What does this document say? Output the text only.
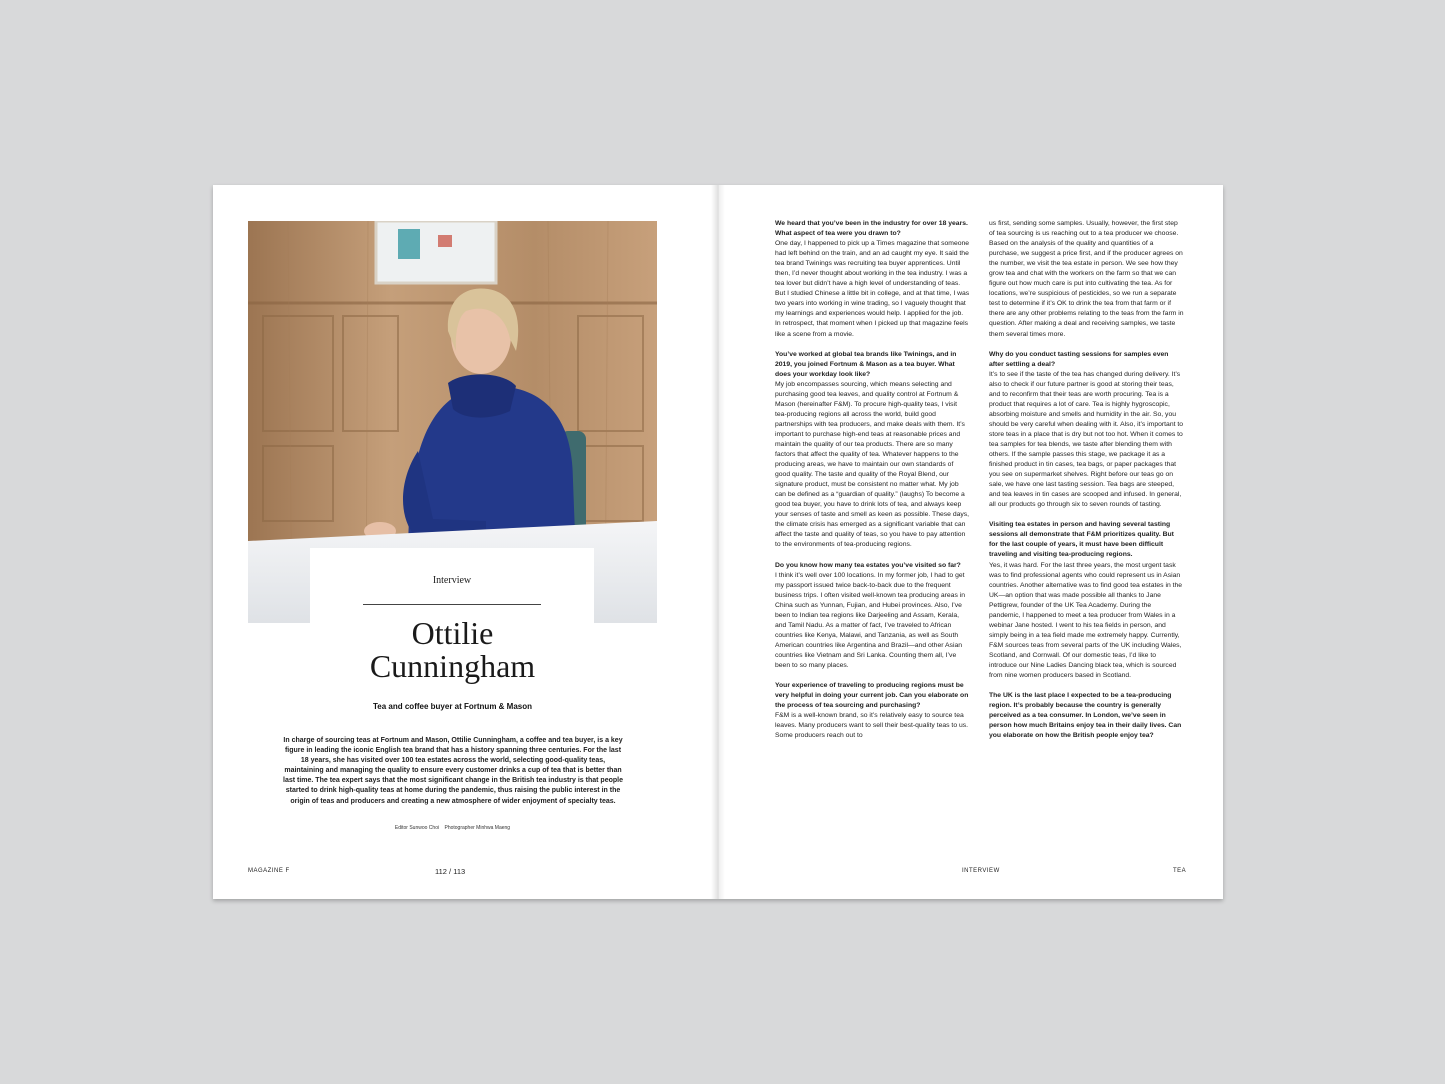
Interview
Ottilie
Cunningham
Tea and coffee buyer at Fortnum & Mason
In charge of sourcing teas at Fortnum and Mason, Ottilie Cunningham, a coffee and tea buyer, is a key figure in leading the iconic English tea brand that has a history spanning three centuries. For the last 18 years, she has visited over 100 tea estates across the world, selecting good-quality teas, maintaining and managing the quality to ensure every customer drinks a cup of tea that is better than last time. The tea expert says that the most significant change in the British tea industry is that people started to drink high-quality teas at home during the pandemic, thus raising the public interest in the origin of teas and producers and creating a new atmosphere of wider enjoyment of specialty teas.
Editor Sunwoo Choi Photographer Minhwa Maeng
MAGAZINE F	112 / 113

We heard that you’ve been in the industry for over 18 years. What aspect of tea were you drawn to?

One day, I happened to pick up a Times magazine that someone had left behind on the train, and an ad caught my eye. It said the tea brand Twinings was recruiting tea buyer apprentices. Until then, I’d never thought about working in the tea industry. I was a tea lover but didn’t have a high level of understanding of teas. But I studied Chinese a little bit in college, and at that time, I was two years into working in wine trading, so I vaguely thought that my learnings and experiences would help. I applied for the job. In retrospect, that moment when I picked up that magazine feels like a scene from a movie.

You’ve worked at global tea brands like Twinings, and in 2019, you joined Fortnum & Mason as a tea buyer. What does your workday look like?

My job encompasses sourcing, which means selecting and purchasing good tea leaves, and quality control at Fortnum & Mason (hereinafter F&M). To procure high-quality teas, I visit tea-producing regions all across the world, build good partnerships with tea producers, and make deals with them. It’s important to purchase high-end teas at reasonable prices and maintain the quality of our tea products. There are so many factors that affect the quality of tea. Whatever happens to the producing areas, we have to maintain our own standards of good quality. The taste and quality of the Royal Blend, our signature product, must be consistent no matter what. My job can be defined as a “guardian of quality.” (laughs) To become a good tea buyer, you have to drink lots of tea, and always keep your senses of taste and smell as keen as possible. These days, the climate crisis has emerged as a significant variable that can affect the taste and quality of teas, so you have to pay attention to the environments of tea-producing regions.

Do you know how many tea estates you’ve visited so far?

I think it’s well over 100 locations. In my former job, I had to get my passport issued twice back-to-back due to the frequent business trips. I often visited well-known tea producing areas in China such as Yunnan, Fujian, and Hubei provinces. Also, I’ve been to Indian tea regions like Darjeeling and Assam, Kerala, and Tamil Nadu. As a matter of fact, I’ve traveled to African countries like Kenya, Malawi, and Tanzania, as well as South American countries like Argentina and Brazil—and other Asian countries like Vietnam and Sri Lanka. Counting them all, I’ve been to so many places.

Your experience of traveling to producing regions must be very helpful in doing your current job. Can you elaborate on the process of tea sourcing and purchasing?

F&M is a well-known brand, so it’s relatively easy to source tea leaves. Many producers want to sell their best-quality teas to us. Some producers reach out to

us first, sending some samples. Usually, however, the first step of tea sourcing is us reaching out to a tea producer we choose. Based on the analysis of the quality and quantities of a purchase, we suggest a price first, and if the producer agrees on the number, we visit the tea estate in person. We see how they grow tea and chat with the workers on the farm so that we can figure out how much care is put into cultivating the tea. As for locations, we’re suspicious of pesticides, so we run a separate test to determine if it’s OK to drink the tea from that farm or if there are any other problems relating to the teas from the farm in question. After making a deal and receiving samples, we taste them several times more.

Why do you conduct tasting sessions for samples even after settling a deal?

It’s to see if the taste of the tea has changed during delivery. It’s also to check if our future partner is good at storing their teas, and to reconfirm that their teas are worth procuring. Tea is a product that requires a lot of care. Tea is highly hygroscopic, absorbing moisture and smells and humidity in the air. So, you should be very careful when dealing with it. Also, it’s important to store teas in a place that is dry but not too hot. When it comes to tea samples for tea blends, we taste after blending them with others. If the sample passes this stage, we package it as a finished product in tin cases, tea bags, or paper packages that you see on supermarket shelves. Right before our teas go on sale, we have one last tasting session. Tea bags are steeped, and tea leaves in tin cases are scooped and infused. In general, all our products go through six to seven rounds of tasting.

Visiting tea estates in person and having several tasting sessions all demonstrate that F&M prioritizes quality. But for the last couple of years, it must have been difficult traveling and visiting tea-producing regions.

Yes, it was hard. For the last three years, the most urgent task was to find professional agents who could represent us in Asian countries. Another alternative was to find good tea estates in the UK—an option that was made possible all thanks to Jane Pettigrew, founder of the UK Tea Academy. During the pandemic, I happened to meet a tea producer from Wales in a webinar Jane hosted. I went to his tea fields in person, and simply being in a tea field made me extremely happy. Currently, F&M sources teas from several parts of the UK including Wales, Scotland, and Cornwall. Of our domestic teas, I’d like to introduce our Nine Ladies Dancing black tea, which is sourced from nine women producers based in Scotland.

The UK is the last place I expected to be a tea-producing region. It’s probably because the country is generally perceived as a tea consumer. In London, we’ve seen in person how much Britains enjoy tea in their daily lives. Can you elaborate on how the British people enjoy tea?

INTERVIEW	TEA
